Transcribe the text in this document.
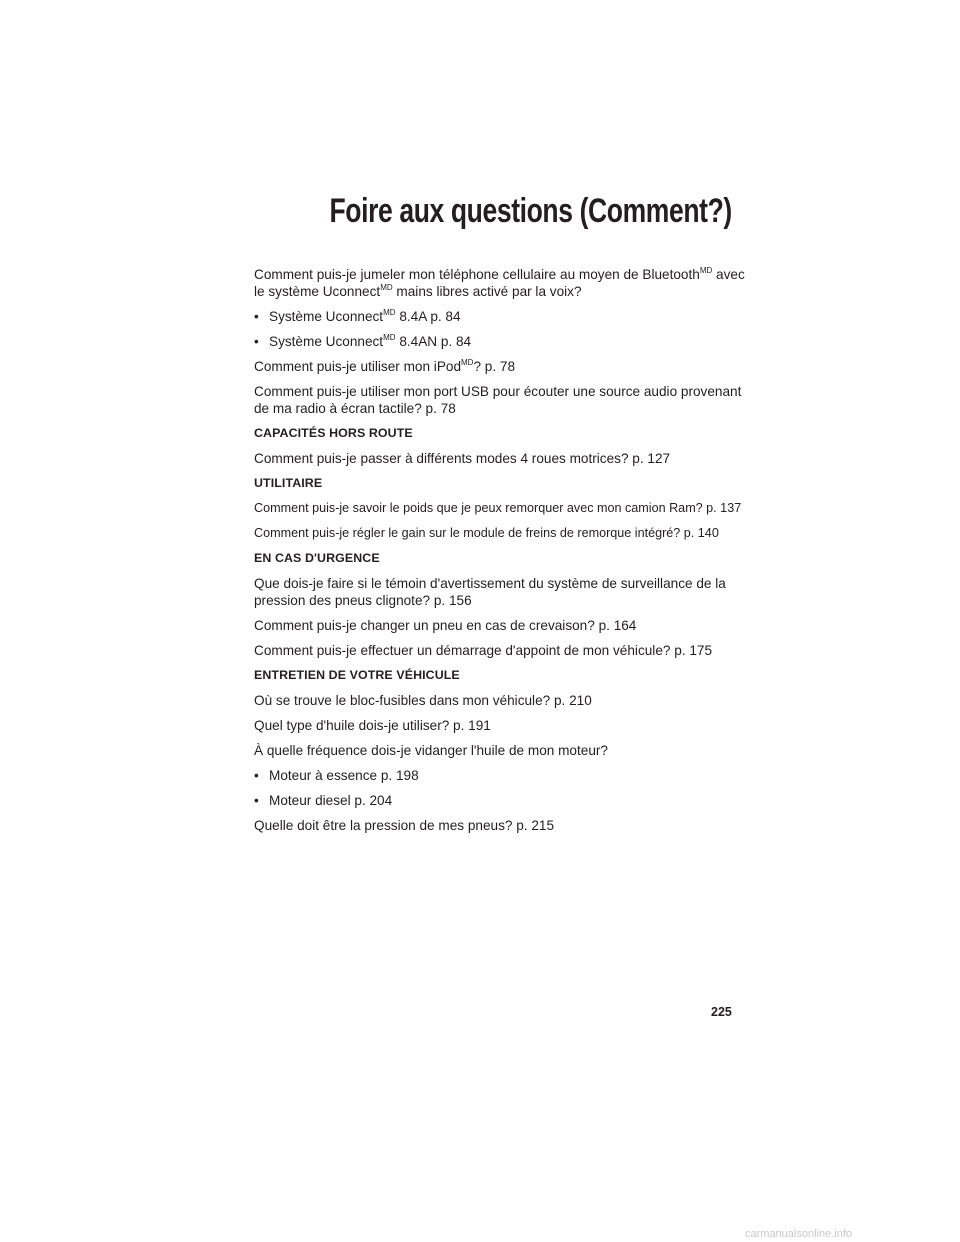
Foire aux questions (Comment?)

Comment puis-je jumeler mon téléphone cellulaire au moyen de Bluetooth$^{MD}$ avec le système Uconnect$^{MD}$ mains libres activé par la voix?

• Système Uconnect$^{MD}$ 8.4A p. 84

• Système Uconnect$^{MD}$ 8.4AN p. 84

Comment puis-je utiliser mon iPod$^{MD}$? p. 78

Comment puis-je utiliser mon port USB pour écouter une source audio provenant de ma radio à écran tactile? p. 78

CAPACITÉS HORS ROUTE

Comment puis-je passer à différents modes 4 roues motrices? p. 127

UTILITAIRE

Comment puis-je savoir le poids que je peux remorquer avec mon camion Ram? p. 137

Comment puis-je régler le gain sur le module de freins de remorque intégré? p. 140

EN CAS D'URGENCE

Que dois-je faire si le témoin d'avertissement du système de surveillance de la pression des pneus clignote? p. 156

Comment puis-je changer un pneu en cas de crevaison? p. 164

Comment puis-je effectuer un démarrage d'appoint de mon véhicule? p. 175

ENTRETIEN DE VOTRE VÉHICULE

Où se trouve le bloc-fusibles dans mon véhicule? p. 210

Quel type d'huile dois-je utiliser? p. 191

À quelle fréquence dois-je vidanger l'huile de mon moteur?

• Moteur à essence p. 198

• Moteur diesel p. 204

Quelle doit être la pression de mes pneus? p. 215

225
carmanualsonline.info
